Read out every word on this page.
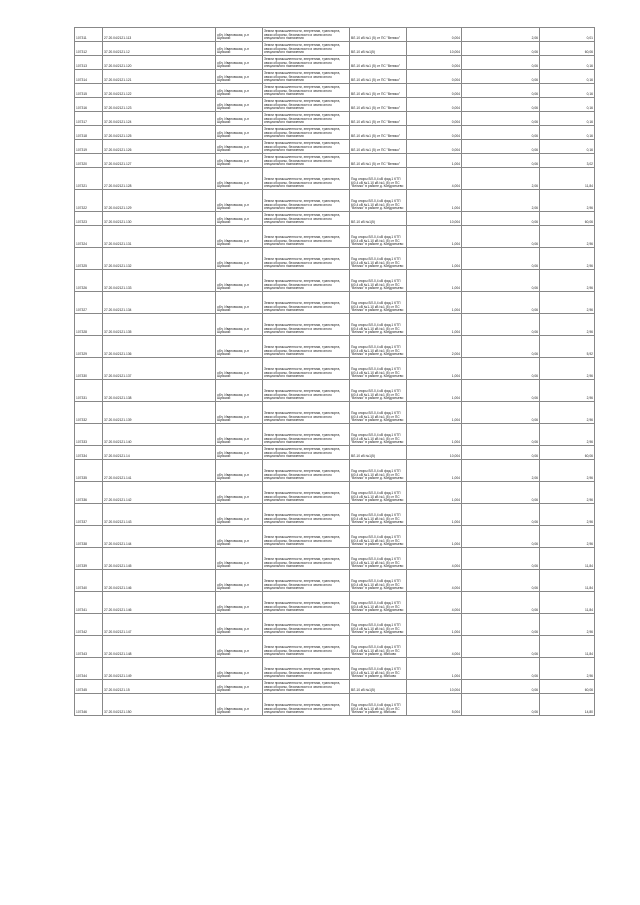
107311	27.20.04/2121.113	обл. Ивановская, р-н Шуйский	Земли промышленности, энергетики, транспорта, связи обороны, безопасности и земли иного специального назначения	ВЛ-10 кВ №1 (5) от ПС "Велико"	0,004	2,06	0,01
107312	37.20.04/2121.12	обл. Ивановская, р-н Шуйский	Земли промышленности, энергетики, транспорта, связи обороны, безопасности и земли иного специального назначения	ВЛ-10 кВ №1(5)	10,004	0,06	60,06
107313	37.20.04/2121.120	обл. Ивановская, р-н Шуйский	Земли промышленности, энергетики, транспорта, связи обороны, безопасности и земли иного специального назначения	ВЛ-10 кВ №1 (5) от ПС "Велико"	0,004	0,06	0,16
107314	37.20.04/2121.121	обл. Ивановская, р-н Шуйский	Земли промышленности, энергетики, транспорта, связи обороны, безопасности и земли иного специального назначения	ВЛ-10 кВ №1 (5) от ПС "Велико"	0,004	0,06	0,16
107315	37.20.04/2121.122	обл. Ивановская, р-н Шуйский	Земли промышленности, энергетики, транспорта, связи обороны, безопасности и земли иного специального назначения	ВЛ-10 кВ №1 (5) от ПС "Велико"	0,004	0,06	0,16
107316	37.20.04/2121.123	обл. Ивановская, р-н Шуйский	Земли промышленности, энергетики, транспорта, связи обороны, безопасности и земли иного специального назначения	ВЛ-10 кВ №1 (5) от ПС "Велико"	0,004	0,06	0,16
107317	37.20.04/2121.124	обл. Ивановская, р-н Шуйский	Земли промышленности, энергетики, транспорта, связи обороны, безопасности и земли иного специального назначения	ВЛ-10 кВ №1 (5) от ПС "Велико"	0,004	0,06	0,16
107318	37.20.04/2121.125	обл. Ивановская, р-н Шуйский	Земли промышленности, энергетики, транспорта, связи обороны, безопасности и земли иного специального назначения	ВЛ-10 кВ №1 (5) от ПС "Велико"	0,004	0,06	0,16
107319	37.20.04/2121.126	обл. Ивановская, р-н Шуйский	Земли промышленности, энергетики, транспорта, связи обороны, безопасности и земли иного специального назначения	ВЛ-10 кВ №1 (5) от ПС "Велико"	0,004	0,06	0,16
107320	37.20.04/2121.127	обл. Ивановская, р-н Шуйский	Земли промышленности, энергетики, транспорта, связи обороны, безопасности и земли иного специального назначения	ВЛ-10 кВ №1 (5) от ПС "Велико"	1,004	0,06	3,02
107321	27.20.04/2121.128	обл. Ивановская, р-н Шуйский	Земли промышленности, энергетики, транспорта, связи обороны, безопасности и земли иного специального назначения	Под опоры ВЛ-0,4 кВ фид.1 КТП 6/0,4 кВ №1-10 кВ №1 (5) от ПС "Велико" в районе д. Кондратьево	4,004	2,06	11,84
107322	37.20.04/2121.129	обл. Ивановская, р-н Шуйский	Земли промышленности, энергетики, транспорта, связи обороны, безопасности и земли иного специального назначения	Под опоры ВЛ-0,4 кВ фид.1 КТП 6/0,4 кВ №1-10 кВ №1 (5) от ПС "Велико" в районе д. Кондратьево	1,004	2,06	2,96
107323	37.20.04/2121.130	обл. Ивановская, р-н Шуйский	Земли промышленности, энергетики, транспорта, связи обороны, безопасности и земли иного специального назначения	ВЛ-10 кВ №1(5)	10,004	0,06	60,06
107324	37.20.04/2121.131	обл. Ивановская, р-н Шуйский	Земли промышленности, энергетики, транспорта, связи обороны, безопасности и земли иного специального назначения	Под опоры ВЛ-0,4 кВ фид.1 КТП 6/0,4 кВ №1-10 кВ №1 (5) от ПС "Велико" в районе д. Кондратьево	1,004	0,06	2,96
107325	37.20.04/2121.132	обл. Ивановская, р-н Шуйский	Земли промышленности, энергетики, транспорта, связи обороны, безопасности и земли иного специального назначения	Под опоры ВЛ-0,4 кВ фид.1 КТП 6/0,4 кВ №1-10 кВ №1 (5) от ПС "Велико" в районе д. Кондратьево	1,004	0,06	2,96
107326	37.20.04/2121.133	обл. Ивановская, р-н Шуйский	Земли промышленности, энергетики, транспорта, связи обороны, безопасности и земли иного специального назначения	Под опоры ВЛ-0,4 кВ фид.1 КТП 6/0,4 кВ №1-10 кВ №1 (5) от ПС "Велико" в районе д. Кондратьево	1,004	0,06	2,96
107327	27.20.04/2121.134	обл. Ивановская, р-н Шуйский	Земли промышленности, энергетики, транспорта, связи обороны, безопасности и земли иного специального назначения	Под опоры ВЛ-0,4 кВ фид.1 КТП 6/0,4 кВ №1-10 кВ №1 (5) от ПС "Велико" в районе д. Кондратьево	1,004	0,06	2,96
107328	37.20.04/2121.135	обл. Ивановская, р-н Шуйский	Земли промышленности, энергетики, транспорта, связи обороны, безопасности и земли иного специального назначения	Под опоры ВЛ-0,4 кВ фид.1 КТП 6/0,4 кВ №1-10 кВ №1 (5) от ПС "Велико" в районе д. Кондратьево	1,004	0,06	2,96
107329	37.20.04/2121.136	обл. Ивановская, р-н Шуйский	Земли промышленности, энергетики, транспорта, связи обороны, безопасности и земли иного специального назначения	Под опоры ВЛ-0,4 кВ фид.1 КТП 6/0,4 кВ №1-10 кВ №1 (5) от ПС "Велико" в районе д. Кондратьево	2,004	0,06	5,92
107330	37.20.04/2121.137	обл. Ивановская, р-н Шуйский	Земли промышленности, энергетики, транспорта, связи обороны, безопасности и земли иного специального назначения	Под опоры ВЛ-0,4 кВ фид.1 КТП 6/0,4 кВ №1-10 кВ №1 (5) от ПС "Велико" в районе д. Кондратьево	1,004	0,06	2,96
107331	37.20.04/2121.138	обл. Ивановская, р-н Шуйский	Земли промышленности, энергетики, транспорта, связи обороны, безопасности и земли иного специального назначения	Под опоры ВЛ-0,4 кВ фид.1 КТП 6/0,4 кВ №1-10 кВ №1 (5) от ПС "Велико" в районе д. Кондратьево	1,004	0,06	2,96
107332	37.20.04/2121.139	обл. Ивановская, р-н Шуйский	Земли промышленности, энергетики, транспорта, связи обороны, безопасности и земли иного специального назначения	Под опоры ВЛ-0,4 кВ фид.1 КТП 6/0,4 кВ №1-10 кВ №1 (5) от ПС "Велико" в районе д. Кондратьево	1,004	0,06	2,96
107333	37.20.04/2121.140	обл. Ивановская, р-н Шуйский	Земли промышленности, энергетики, транспорта, связи обороны, безопасности и земли иного специального назначения	Под опоры ВЛ-0,4 кВ фид.1 КТП 6/0,4 кВ №1-10 кВ №1 (5) от ПС "Велико" в районе д. Кондратьево	1,004	0,06	2,96
107334	37.20.04/2121.14	обл. Ивановская, р-н Шуйский	Земли промышленности, энергетики, транспорта, связи обороны, безопасности и земли иного специального назначения	ВЛ-10 кВ №1(5)	10,004	0,06	60,06
107335	27.20.04/2121.141	обл. Ивановская, р-н Шуйский	Земли промышленности, энергетики, транспорта, связи обороны, безопасности и земли иного специального назначения	Под опоры ВЛ-0,4 кВ фид.1 КТП 6/0,4 кВ №1-10 кВ №1 (5) от ПС "Велико" в районе д. Кондратьево	1,004	2,06	2,96
107336	27.20.04/2121.142	обл. Ивановская, р-н Шуйский	Земли промышленности, энергетики, транспорта, связи обороны, безопасности и земли иного специального назначения	Под опоры ВЛ-0,4 кВ фид.1 КТП 6/0,4 кВ №1-10 кВ №1 (5) от ПС "Велико" в районе д. Кондратьево	1,004	0,06	2,96
107337	37.20.04/2121.143	обл. Ивановская, р-н Шуйский	Земли промышленности, энергетики, транспорта, связи обороны, безопасности и земли иного специального назначения	Под опоры ВЛ-0,4 кВ фид.1 КТП 6/0,4 кВ №1-10 кВ №1 (5) от ПС "Велико" в районе д. Кондратьево	1,004	0,06	2,96
107338	37.20.04/2121.144	обл. Ивановская, р-н Шуйский	Земли промышленности, энергетики, транспорта, связи обороны, безопасности и земли иного специального назначения	Под опоры ВЛ-0,4 кВ фид.1 КТП 6/0,4 кВ №1-10 кВ №1 (5) от ПС "Велико" в районе д. Кондратьево	1,004	0,06	2,96
107339	37.20.04/2121.145	обл. Ивановская, р-н Шуйский	Земли промышленности, энергетики, транспорта, связи обороны, безопасности и земли иного специального назначения	Под опоры ВЛ-0,4 кВ фид.1 КТП 6/0,4 кВ №1-10 кВ №1 (5) от ПС "Велико" в районе д. Кондратьево	4,004	0,06	11,84
107340	37.20.04/2121.146	обл. Ивановская, р-н Шуйский	Земли промышленности, энергетики, транспорта, связи обороны, безопасности и земли иного специального назначения	Под опоры ВЛ-0,4 кВ фид.1 КТП 6/0,4 кВ №1-10 кВ №1 (5) от ПС "Велико" в районе д. Кондратьево	4,004	0,06	11,84
107341	27.20.04/2121.146	обл. Ивановская, р-н Шуйский	Земли промышленности, энергетики, транспорта, связи обороны, безопасности и земли иного специального назначения	Под опоры ВЛ-0,4 кВ фид.1 КТП 6/0,4 кВ №1-10 кВ №1 (5) от ПС "Велико" в районе д. Кондратьево	4,004	0,06	11,84
107342	37.20.04/2121.147	обл. Ивановская, р-н Шуйский	Земли промышленности, энергетики, транспорта, связи обороны, безопасности и земли иного специального назначения	Под опоры ВЛ-0,4 кВ фид.1 КТП 6/0,4 кВ №1-10 кВ №1 (5) от ПС "Велико" в районе д. Кондратьево	1,004	0,06	2,96
107343	37.20.04/2121.148	обл. Ивановская, р-н Шуйский	Земли промышленности, энергетики, транспорта, связи обороны, безопасности и земли иного специального назначения	Под опоры ВЛ-0,4 кВ фид.1 КТП 6/0,4 кВ №1-10 кВ №1 (5) от ПС "Велико" в районе д. Мягково	4,004	0,06	11,84
107344	37.20.04/2121.149	обл. Ивановская, р-н Шуйский	Земли промышленности, энергетики, транспорта, связи обороны, безопасности и земли иного специального назначения	Под опоры ВЛ-0,4 кВ фид.1 КТП 6/0,4 кВ №1-10 кВ №1 (5) от ПС "Велико" в районе д. Мягково	1,004	0,06	2,96
107345	37.20.04/2121.15	обл. Ивановская, р-н Шуйский	Земли промышленности, энергетики, транспорта, связи обороны, безопасности и земли иного специального назначения	ВЛ-10 кВ №1(5)	10,004	0,06	60,06
107346	37.20.04/2121.150	обл. Ивановская, р-н Шуйский	Земли промышленности, энергетики, транспорта, связи обороны, безопасности и земли иного специального назначения	Под опоры ВЛ-0,4 кВ фид.1 КТП 6/0,4 кВ №1-10 кВ №1 (5) от ПС "Велико" в районе д. Мягково	5,004	0,06	14,80
